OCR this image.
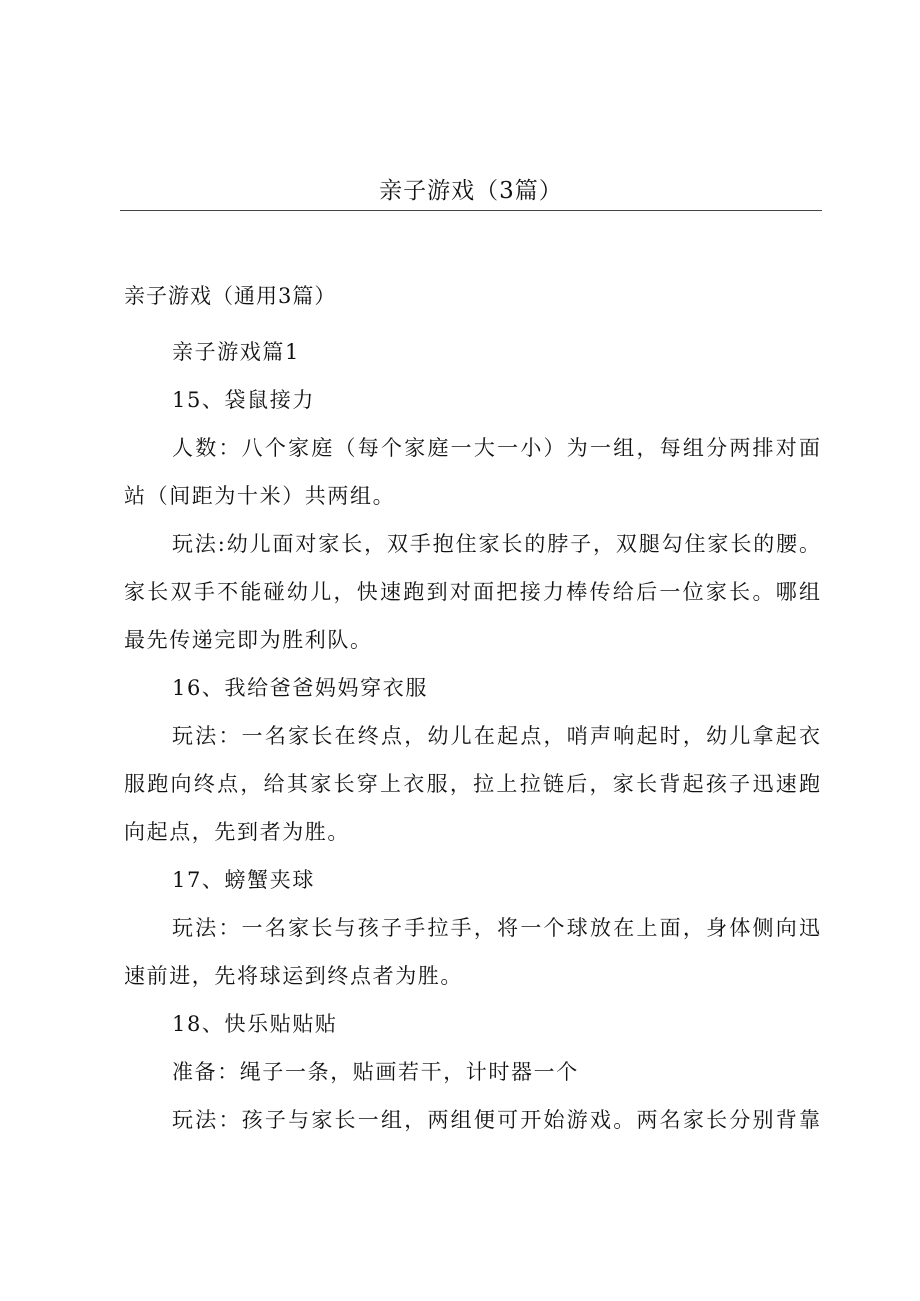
亲子游戏（3篇）
亲子游戏（通用3篇）
亲子游戏篇1
15、袋鼠接力
人数：八个家庭（每个家庭一大一小）为一组，每组分两排对面
站（间距为十米）共两组。
玩法:幼儿面对家长，双手抱住家长的脖子，双腿勾住家长的腰。
家长双手不能碰幼儿，快速跑到对面把接力棒传给后一位家长。哪组
最先传递完即为胜利队。
16、我给爸爸妈妈穿衣服
玩法：一名家长在终点，幼儿在起点，哨声响起时，幼儿拿起衣
服跑向终点，给其家长穿上衣服，拉上拉链后，家长背起孩子迅速跑
向起点，先到者为胜。
17、螃蟹夹球
玩法：一名家长与孩子手拉手，将一个球放在上面，身体侧向迅
速前进，先将球运到终点者为胜。
18、快乐贴贴贴
准备：绳子一条，贴画若干，计时器一个
玩法：孩子与家长一组，两组便可开始游戏。两名家长分别背靠
